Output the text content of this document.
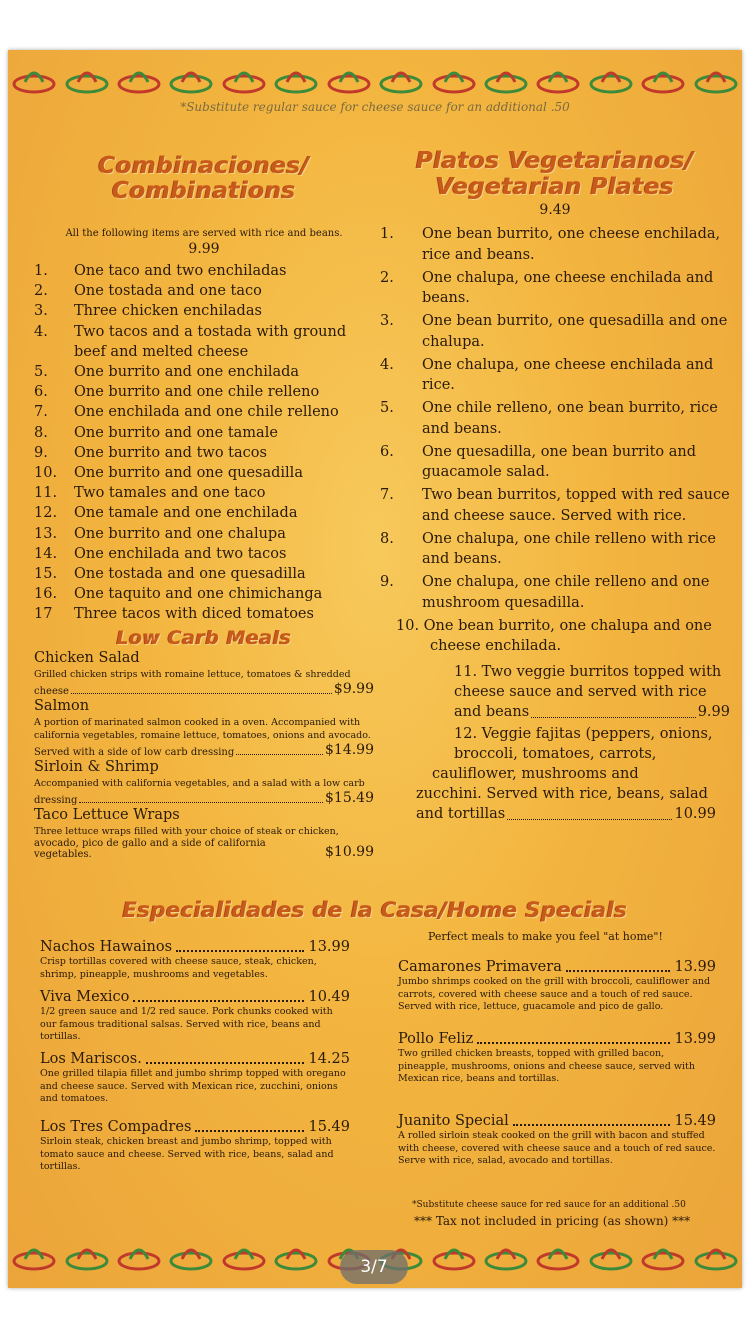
*Substitute regular sauce for cheese sauce for an additional .50
Combinaciones/ Combinations
All the following items are served with rice and beans.
9.99
1.	One taco and two enchiladas
2.	One tostada and one taco
3.	Three chicken enchiladas
4.	Two tacos and a tostada with ground beef and melted cheese
5.	One burrito and one enchilada
6.	One burrito and one chile relleno
7.	One enchilada and one chile relleno
8.	One burrito and one tamale
9.	One burrito and two tacos
10.	One burrito and one quesadilla
11.	Two tamales and one taco
12.	One tamale and one enchilada
13.	One burrito and one chalupa
14.	One enchilada and two tacos
15.	One tostada and one quesadilla
16.	One taquito and one chimichanga
17	Three tacos with diced tomatoes
Low Carb Meals
Chicken Salad
Grilled chicken strips with romaine lettuce, tomatoes & shredded
cheese	$9.99
Salmon
A portion of marinated salmon cooked in a oven. Accompanied with california vegetables, romaine lettuce, tomatoes, onions and avocado.
Served with a side of low carb dressing	$14.99
Sirloin & Shrimp
Accompanied with california vegetables, and a salad with a low carb
dressing	$15.49
Taco Lettuce Wraps
Three lettuce wraps filled with your choice of steak or chicken,
avocado, pico de gallo and a side of california vegetables.	$10.99
Platos Vegetarianos/ Vegetarian Plates
9.49
1.	One bean burrito, one cheese enchilada, rice and beans.
2.	One chalupa, one cheese enchilada and beans.
3.	One bean burrito, one quesadilla and one chalupa.
4.	One chalupa, one cheese enchilada and rice.
5.	One chile relleno, one bean burrito, rice and beans.
6.	One quesadilla, one bean burrito and guacamole salad.
7.	Two bean burritos, topped with red sauce and cheese sauce. Served with rice.
8.	One chalupa, one chile relleno with rice and beans.
9.	One chalupa, one chile relleno and one mushroom quesadilla.
10. One bean burrito, one chalupa and one
cheese enchilada.
11. Two veggie burritos topped with
cheese sauce and served with rice
and beans	9.99
12. Veggie fajitas (peppers, onions,
broccoli, tomatoes, carrots,
cauliflower, mushrooms and
zucchini. Served with rice, beans, salad
and tortillas	10.99
Especialidades de la Casa/Home Specials
Perfect meals to make you feel "at home"!
Nachos Hawainos	13.99
Crisp tortillas covered with cheese sauce, steak, chicken, shrimp, pineapple, mushrooms and vegetables.
Viva Mexico	10.49
1/2 green sauce and 1/2 red sauce. Pork chunks cooked with our famous traditional salsas. Served with rice, beans and tortillas.
Los Mariscos.	14.25
One grilled tilapia fillet and jumbo shrimp topped with oregano and cheese sauce. Served with Mexican rice, zucchini, onions and tomatoes.
Los Tres Compadres	15.49
Sirloin steak, chicken breast and jumbo shrimp, topped with tomato sauce and cheese. Served with rice, beans, salad and tortillas.
Camarones Primavera	13.99
Jumbo shrimps cooked on the grill with broccoli, cauliflower and carrots, covered with cheese sauce and a touch of red sauce. Served with rice, lettuce, guacamole and pico de gallo.
Pollo Feliz	13.99
Two grilled chicken breasts, topped with grilled bacon, pineapple, mushrooms, onions and cheese sauce, served with Mexican rice, beans and tortillas.
Juanito Special	15.49
A rolled sirloin steak cooked on the grill with bacon and stuffed with cheese, covered with cheese sauce and a touch of red sauce. Serve with rice, salad, avocado and tortillas.
*Substitute cheese sauce for red sauce for an additional .50
*** Tax not included in pricing (as shown) ***
3/7
